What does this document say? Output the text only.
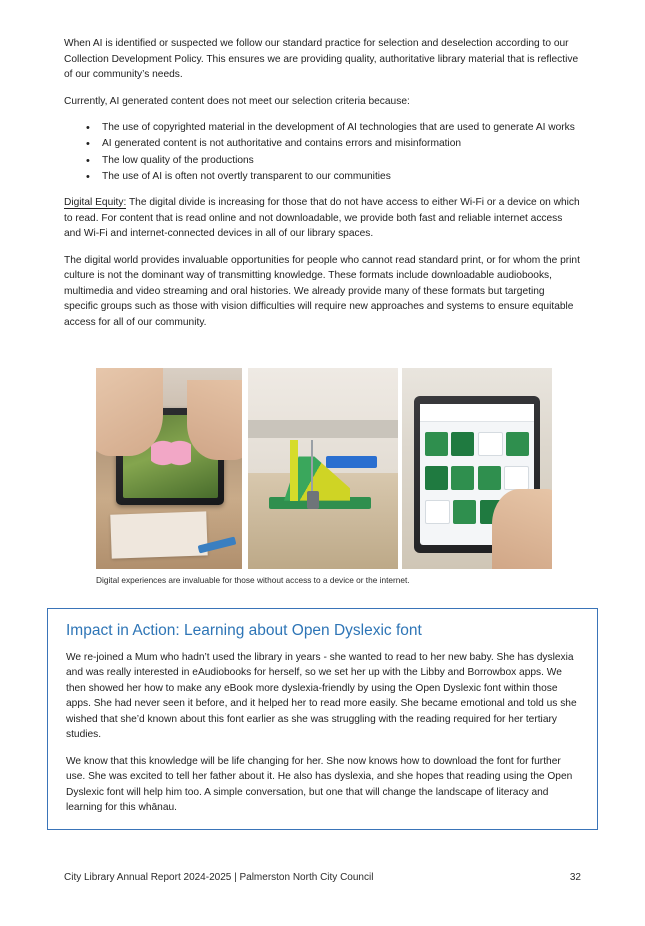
When AI is identified or suspected we follow our standard practice for selection and deselection according to our Collection Development Policy. This ensures we are providing quality, authoritative library material that is reflective of our community’s needs.

Currently, AI generated content does not meet our selection criteria because:

• The use of copyrighted material in the development of AI technologies that are used to generate AI works
• AI generated content is not authoritative and contains errors and misinformation
• The low quality of the productions
• The use of AI is often not overtly transparent to our communities

Digital Equity: The digital divide is increasing for those that do not have access to either Wi-Fi or a device on which to read. For content that is read online and not downloadable, we provide both fast and reliable internet access and Wi-Fi and internet-connected devices in all of our library spaces.

The digital world provides invaluable opportunities for people who cannot read standard print, or for whom the print culture is not the dominant way of transmitting knowledge. These formats include downloadable audiobooks, multimedia and video streaming and oral histories. We already provide many of these formats but targeting specific groups such as those with vision difficulties will require new approaches and systems to ensure equitable access for all of our community.

Digital experiences are invaluable for those without access to a device or the internet.
Impact in Action: Learning about Open Dyslexic font

We re-joined a Mum who hadn’t used the library in years - she wanted to read to her new baby. She has dyslexia and was really interested in eAudiobooks for herself, so we set her up with the Libby and Borrowbox apps. We then showed her how to make any eBook more dyslexia-friendly by using the Open Dyslexic font within those apps. She had never seen it before, and it helped her to read more easily. She became emotional and told us she wished that she’d known about this font earlier as she was struggling with the reading required for her tertiary studies.

We know that this knowledge will be life changing for her. She now knows how to download the font for further use. She was excited to tell her father about it. He also has dyslexia, and she hopes that reading using the Open Dyslexic font will help him too. A simple conversation, but one that will change the landscape of literacy and learning for this whānau.

City Library Annual Report 2024-2025 | Palmerston North City Council	32
